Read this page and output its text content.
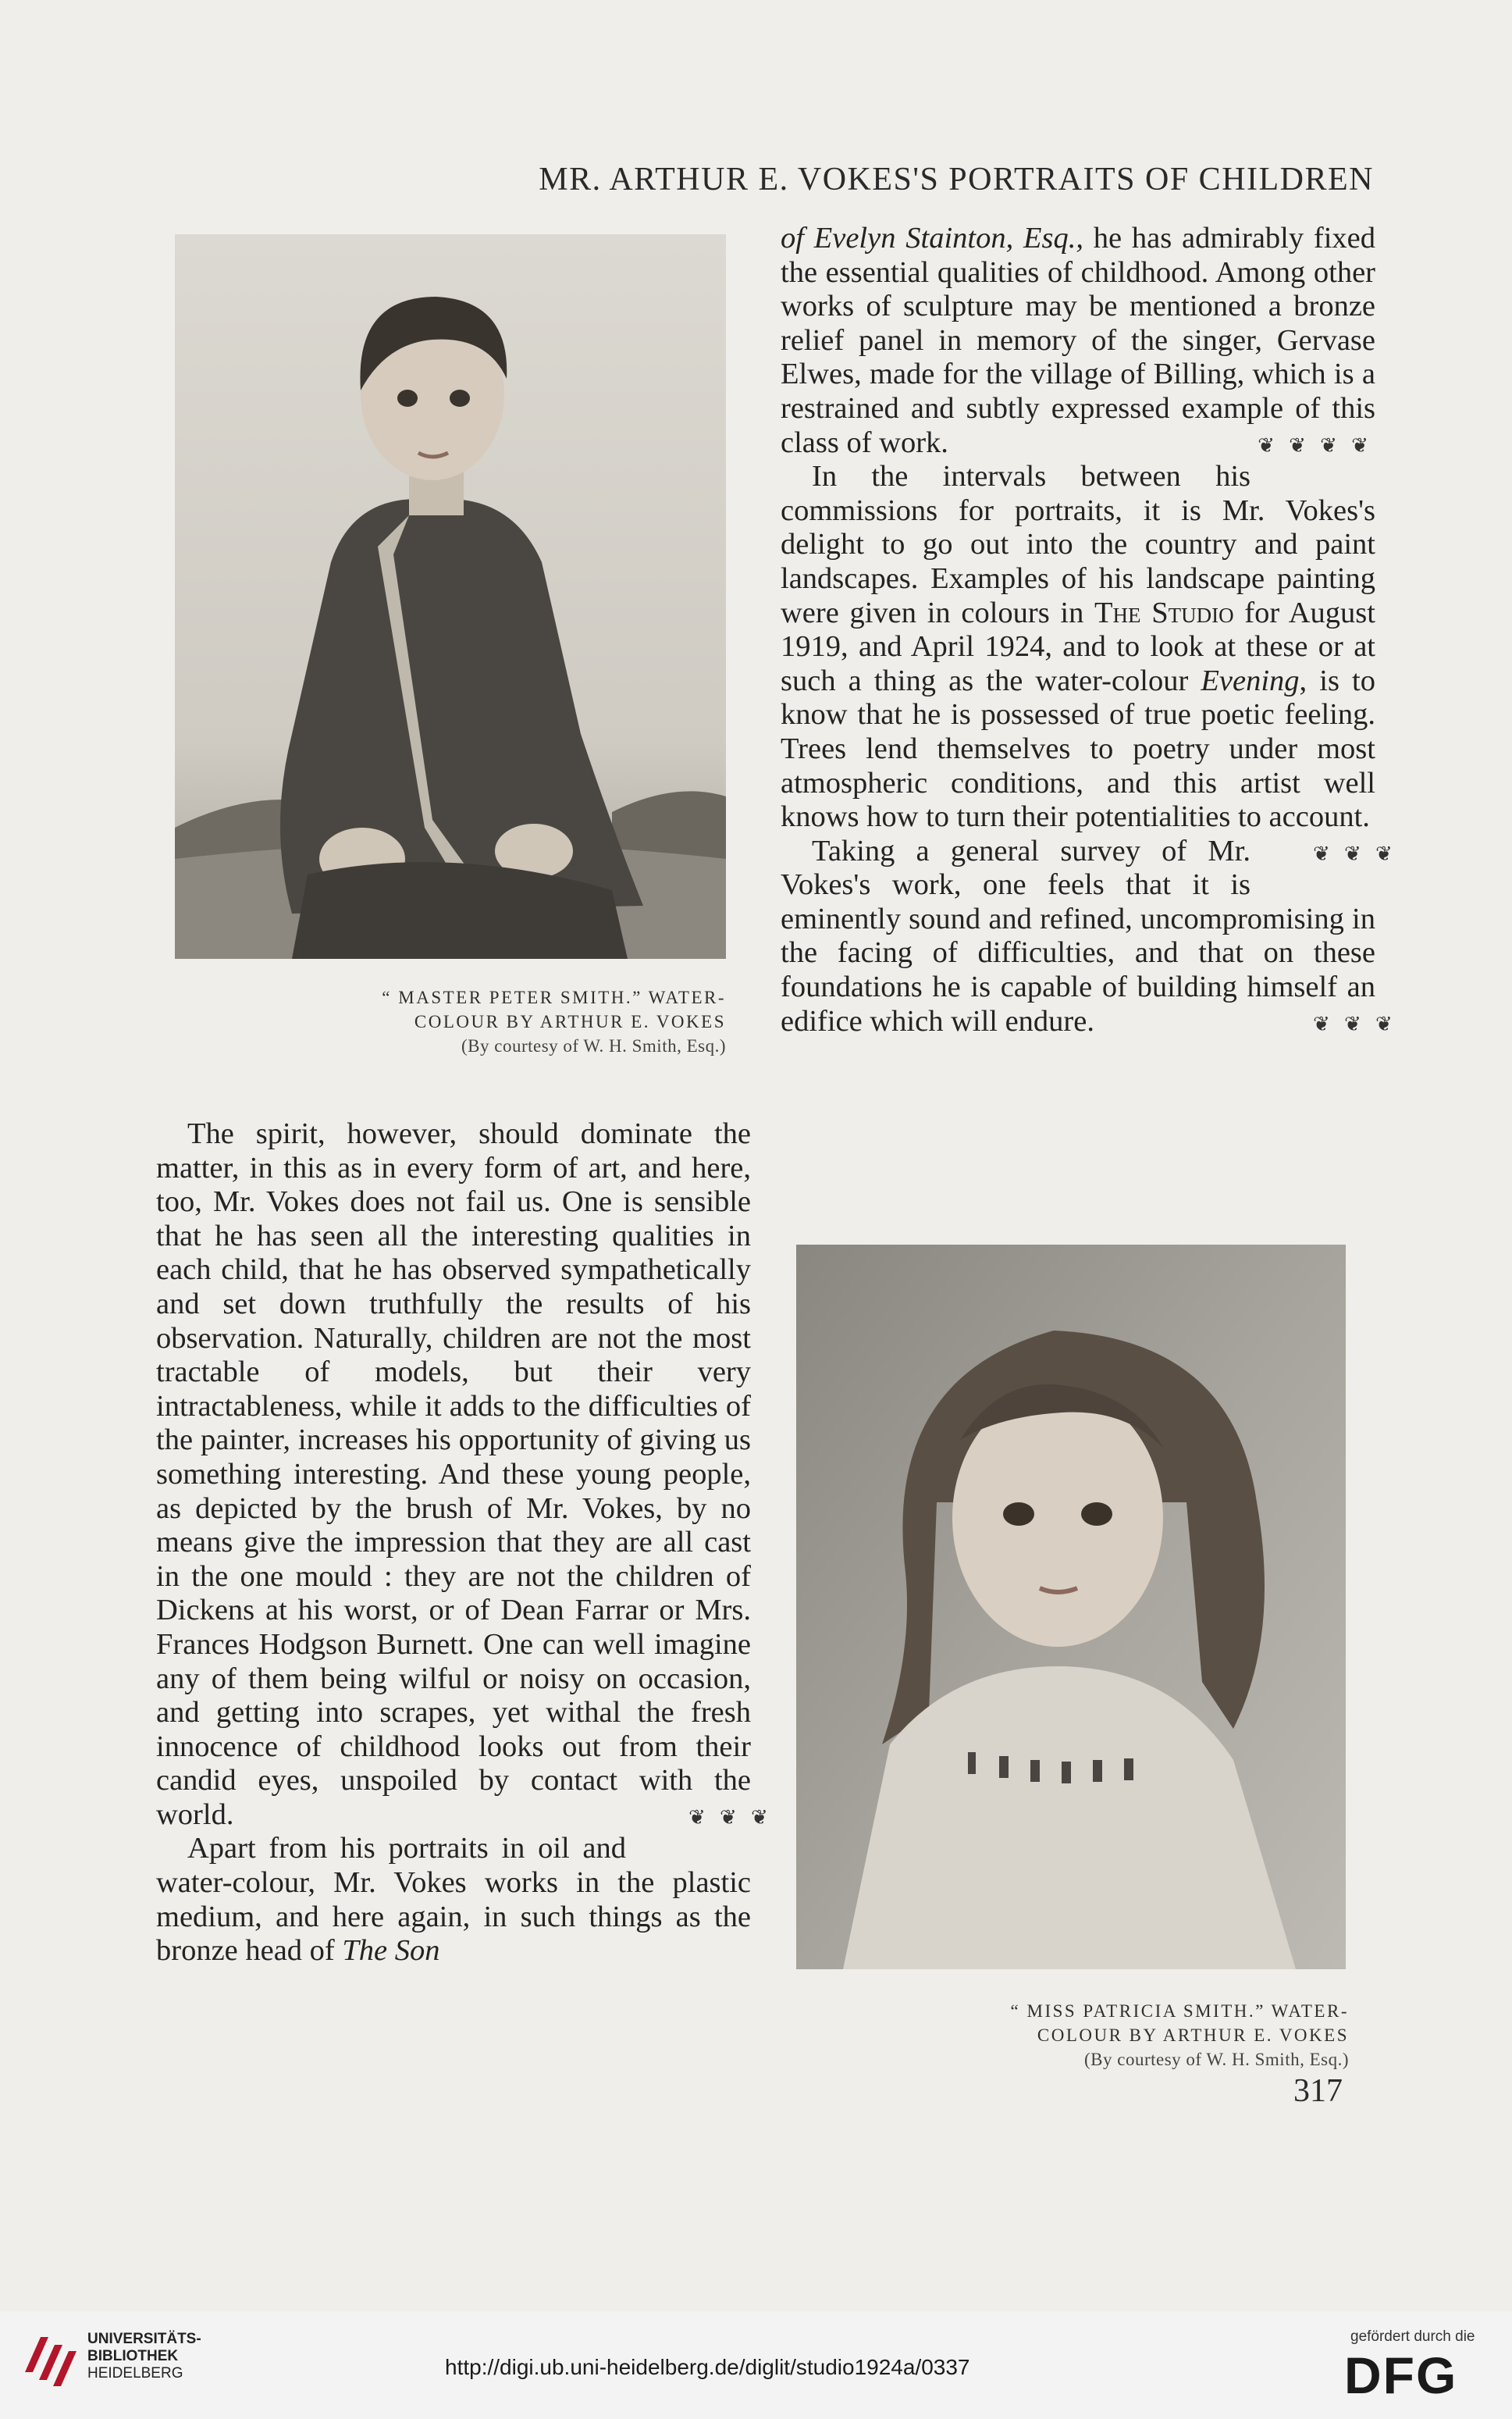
MR. ARTHUR E. VOKES'S PORTRAITS OF CHILDREN
“ MASTER PETER SMITH.” WATER-
COLOUR BY ARTHUR E. VOKES
(By courtesy of W. H. Smith, Esq.)

of Evelyn Stainton, Esq., he has admirably fixed the essential qualities of childhood. Among other works of sculpture may be mentioned a bronze relief panel in memory of the singer, Gervase Elwes, made for the village of Billing, which is a restrained and subtly expressed example of this class of work.	❦ ❦ ❦ ❦

In the intervals between his commissions for portraits, it is Mr. Vokes's delight to go out into the country and paint landscapes. Examples of his landscape painting were given in colours in The Studio for August 1919, and April 1924, and to look at these or at such a thing as the water-colour Evening, is to know that he is possessed of true poetic feeling. Trees lend themselves to poetry under most atmospheric conditions, and this artist well knows how to turn their potentialities to account.
❦ ❦ ❦

Taking a general survey of Mr. Vokes's work, one feels that it is eminently sound and refined, uncompromising in the facing of difficulties, and that on these foundations he is capable of building himself an edifice which will endure.	❦ ❦ ❦

The spirit, however, should dominate the matter, in this as in every form of art, and here, too, Mr. Vokes does not fail us. One is sensible that he has seen all the interesting qualities in each child, that he has observed sympathetically and set down truthfully the results of his observation. Naturally, children are not the most tractable of models, but their very intractableness, while it adds to the difficulties of the painter, increases his opportunity of giving us something interesting. And these young people, as depicted by the brush of Mr. Vokes, by no means give the impression that they are all cast in the one mould : they are not the children of Dickens at his worst, or of Dean Farrar or Mrs. Frances Hodgson Burnett. One can well imagine any of them being wilful or noisy on occasion, and getting into scrapes, yet withal the fresh innocence of childhood looks out from their candid eyes, unspoiled by contact with the world.	❦ ❦ ❦

Apart from his portraits in oil and water-colour, Mr. Vokes works in the plastic medium, and here again, in such things as the bronze head of The Son

“ MISS PATRICIA SMITH.” WATER-
COLOUR BY ARTHUR E. VOKES
(By courtesy of W. H. Smith, Esq.)
317
UNIVERSITÄTS-
BIBLIOTHEK
HEIDELBERG	http://digi.ub.uni-heidelberg.de/diglit/studio1924a/0337
gefördert durch die
DFG
